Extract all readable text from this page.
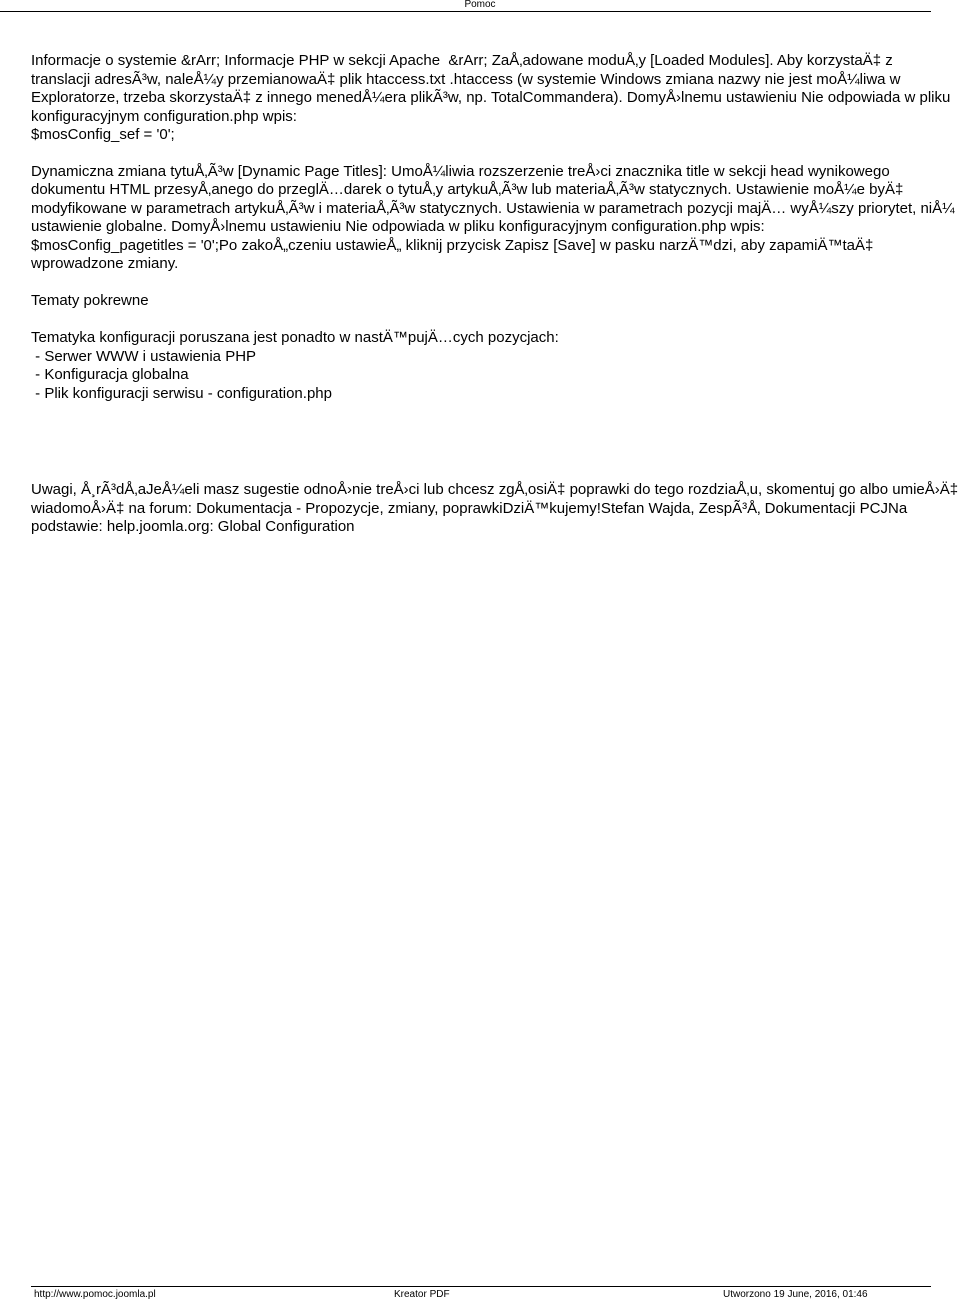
Pomoc

Informacje o systemie &rArr; Informacje PHP w sekcji Apache  &rArr; ZaÅ‚adowane moduÅ‚y [Loaded Modules]. Aby korzystaÄ‡ z translacji adresÃ³w, naleÅ¼y przemianowaÄ‡ plik htaccess.txt .htaccess (w systemie Windows zmiana nazwy nie jest moÅ¼liwa w Exploratorze, trzeba skorzystaÄ‡ z innego menedÅ¼era plikÃ³w, np. TotalCommandera). DomyÅ›lnemu ustawieniu Nie odpowiada w pliku  konfiguracyjnym configuration.php wpis:
$mosConfig_sef = '0';

Dynamiczna zmiana tytuÅ‚Ã³w [Dynamic Page Titles]: UmoÅ¼liwia rozszerzenie treÅ›ci znacznika title w sekcji head wynikowego dokumentu HTML przesyÅ‚anego do przeglÄ…darek o tytuÅ‚y artykuÅ‚Ã³w lub materiaÅ‚Ã³w statycznych. Ustawienie moÅ¼e byÄ‡ modyfikowane w parametrach artykuÅ‚Ã³w i materiaÅ‚Ã³w statycznych. Ustawienia w parametrach pozycji majÄ… wyÅ¼szy priorytet, niÅ¼ ustawienie globalne. DomyÅ›lnemu ustawieniu Nie odpowiada w pliku konfiguracyjnym configuration.php wpis:
$mosConfig_pagetitles = '0';Po zakoÅ„czeniu ustawieÅ„ kliknij przycisk Zapisz [Save] w pasku narzÄ™dzi, aby zapamiÄ™taÄ‡ wprowadzone zmiany.

Tematy pokrewne

Tematyka konfiguracji poruszana jest ponadto w nastÄ™pujÄ…cych pozycjach:

- Serwer WWW i ustawienia PHP
- Konfiguracja globalna
- Plik konfiguracji serwisu - configuration.php

Uwagi, Å¸rÃ³dÅ‚aJeÅ¼eli masz sugestie odnoÅ›nie treÅ›ci lub chcesz zgÅ‚osiÄ‡ poprawki do tego rozdziaÅ‚u, skomentuj go albo umieÅ›Ä‡ wiadomoÅ›Ä‡ na forum: Dokumentacja - Propozycje, zmiany, poprawkiDziÄ™kujemy!Stefan Wajda, ZespÃ³Å‚ Dokumentacji PCJNa podstawie: help.joomla.org: Global Configuration

http://www.pomoc.joomla.pl	Kreator PDF	Utworzono 19 June, 2016, 01:46
